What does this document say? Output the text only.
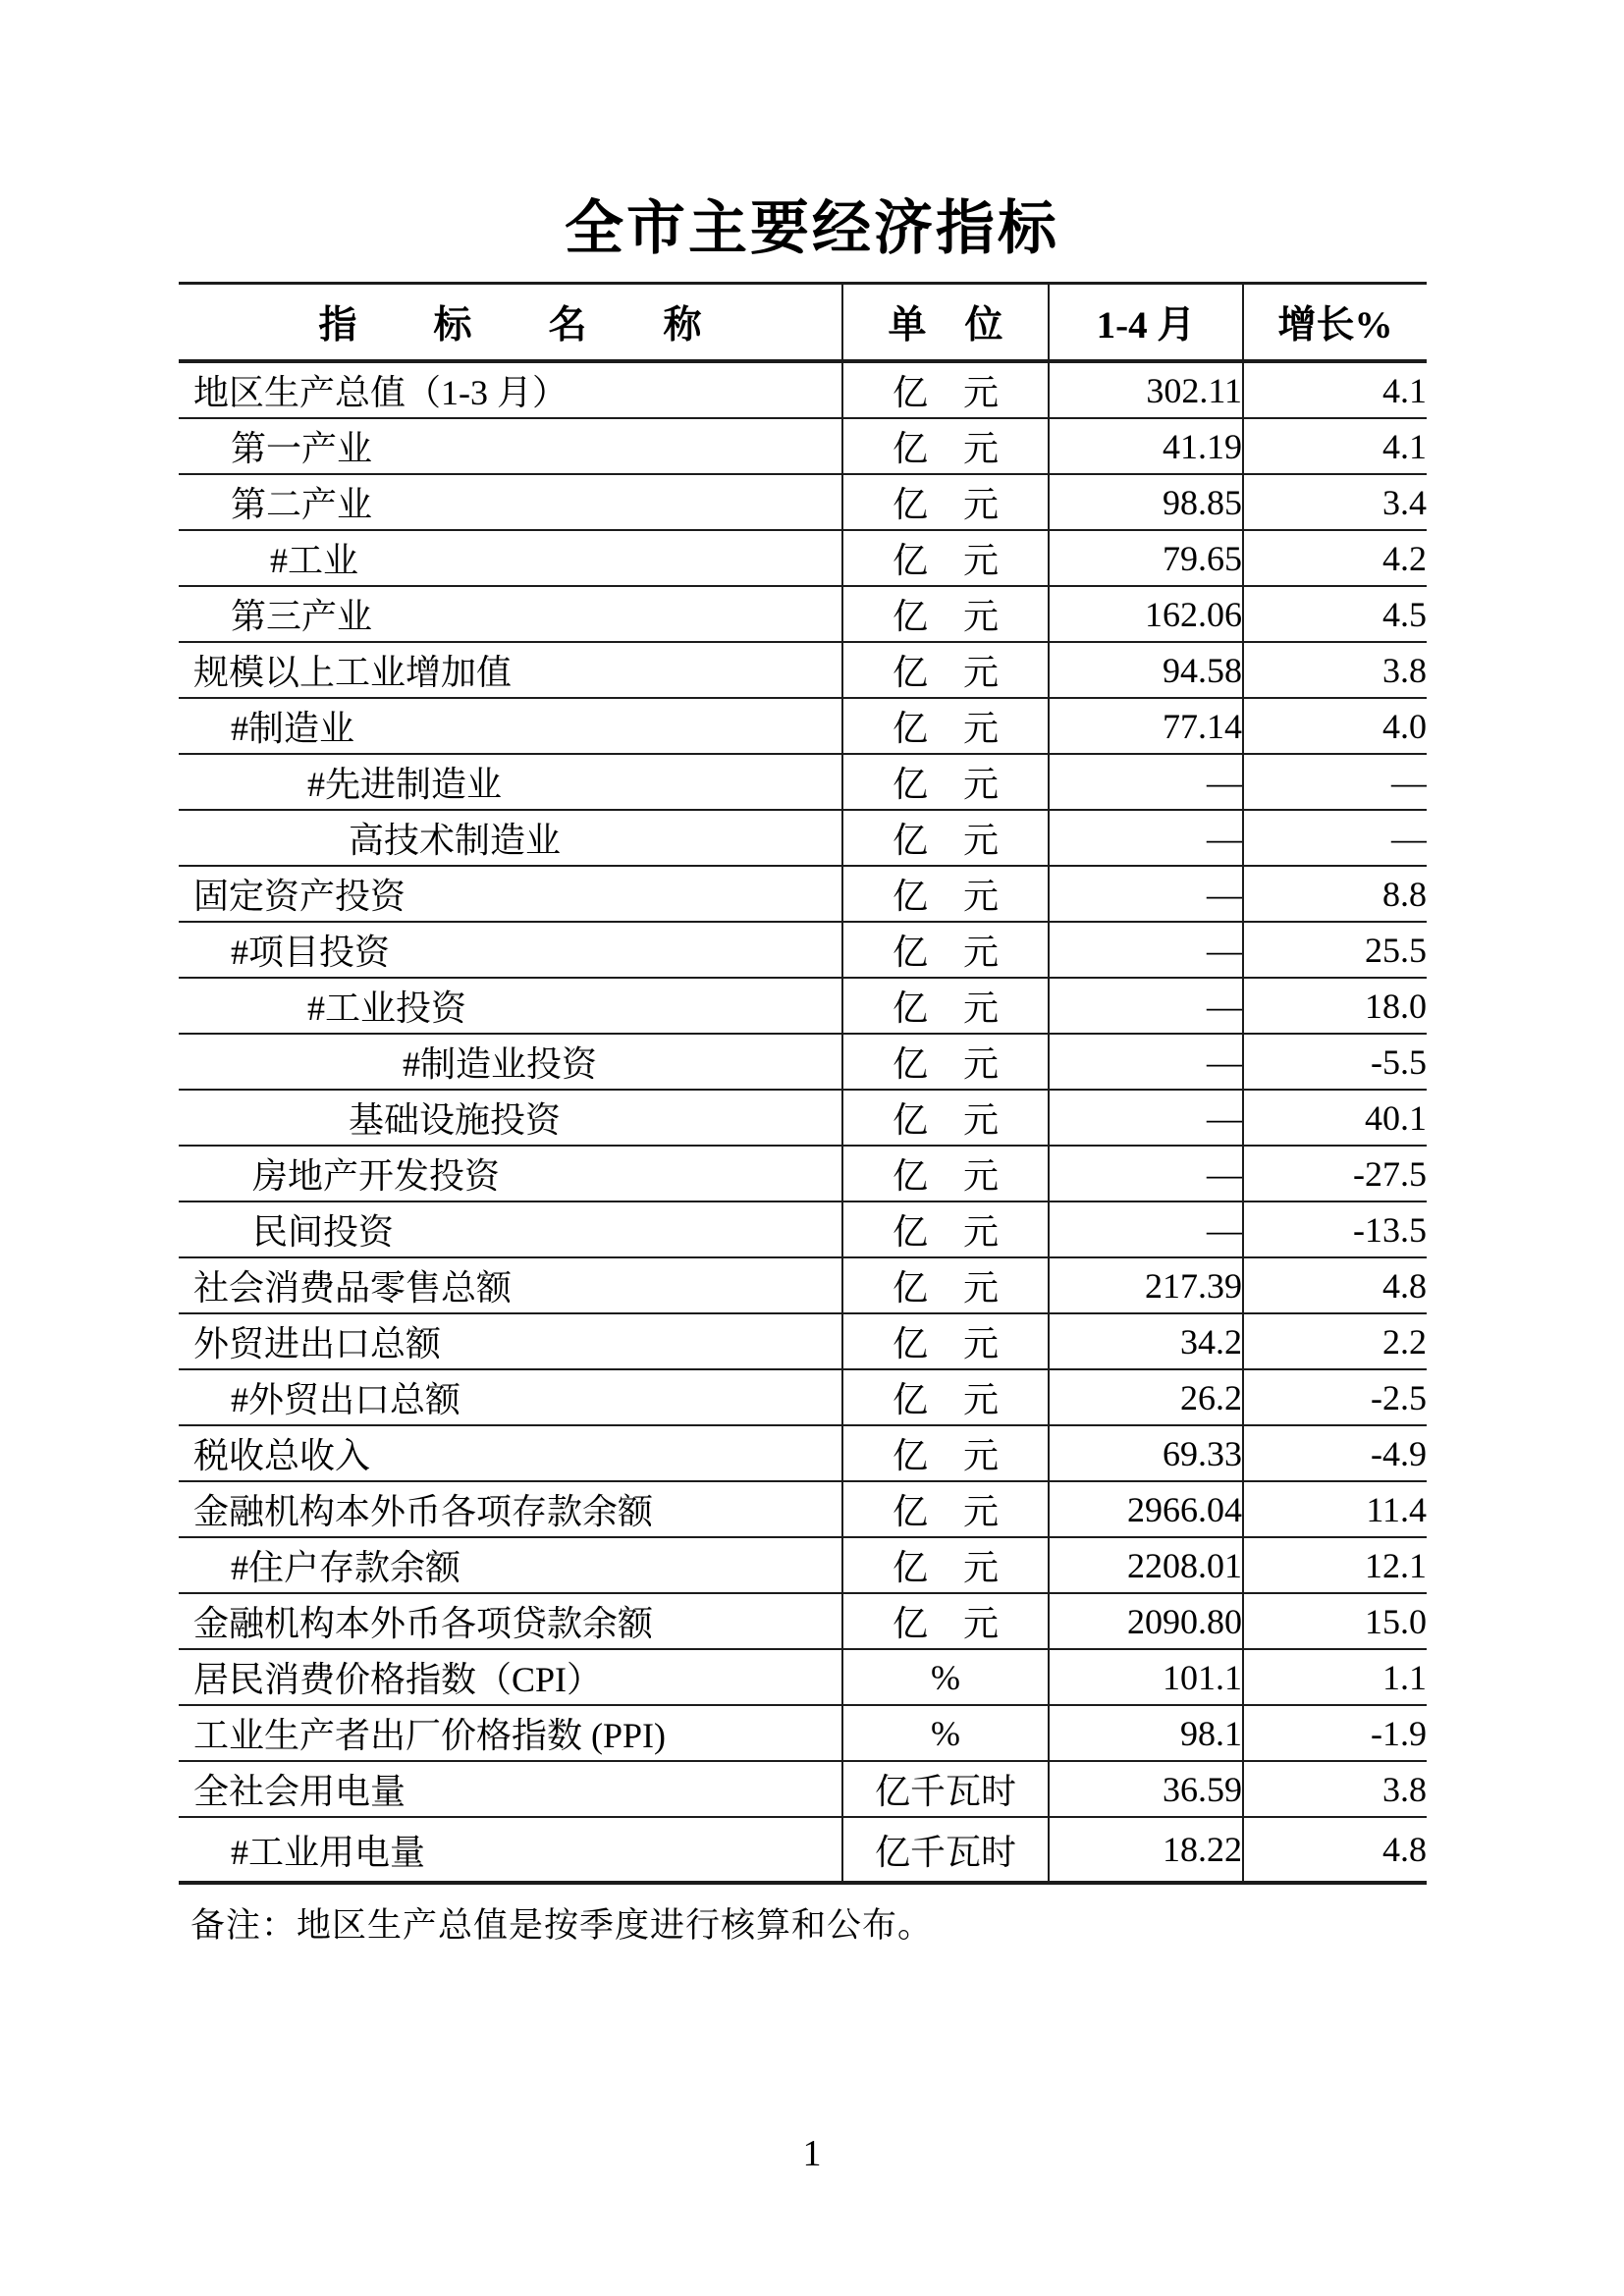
全市主要经济指标
指　　标　　名　　称	单　位	1-4 月	增长%
地区生产总值（1-3 月）	亿　元	302.11	4.1
第一产业	亿　元	41.19	4.1
第二产业	亿　元	98.85	3.4
#工业	亿　元	79.65	4.2
第三产业	亿　元	162.06	4.5
规模以上工业增加值	亿　元	94.58	3.8
#制造业	亿　元	77.14	4.0
#先进制造业	亿　元	—	—
高技术制造业	亿　元	—	—
固定资产投资	亿　元	—	8.8
#项目投资	亿　元	—	25.5
#工业投资	亿　元	—	18.0
#制造业投资	亿　元	—	-5.5
基础设施投资	亿　元	—	40.1
房地产开发投资	亿　元	—	-27.5
民间投资	亿　元	—	-13.5
社会消费品零售总额	亿　元	217.39	4.8
外贸进出口总额	亿　元	34.2	2.2
#外贸出口总额	亿　元	26.2	-2.5
税收总收入	亿　元	69.33	-4.9
金融机构本外币各项存款余额	亿　元	2966.04	11.4
#住户存款余额	亿　元	2208.01	12.1
金融机构本外币各项贷款余额	亿　元	2090.80	15.0
居民消费价格指数（CPI）	%	101.1	1.1
工业生产者出厂价格指数 (PPI)	%	98.1	-1.9
全社会用电量	亿千瓦时	36.59	3.8
#工业用电量	亿千瓦时	18.22	4.8

备注：地区生产总值是按季度进行核算和公布。

1
